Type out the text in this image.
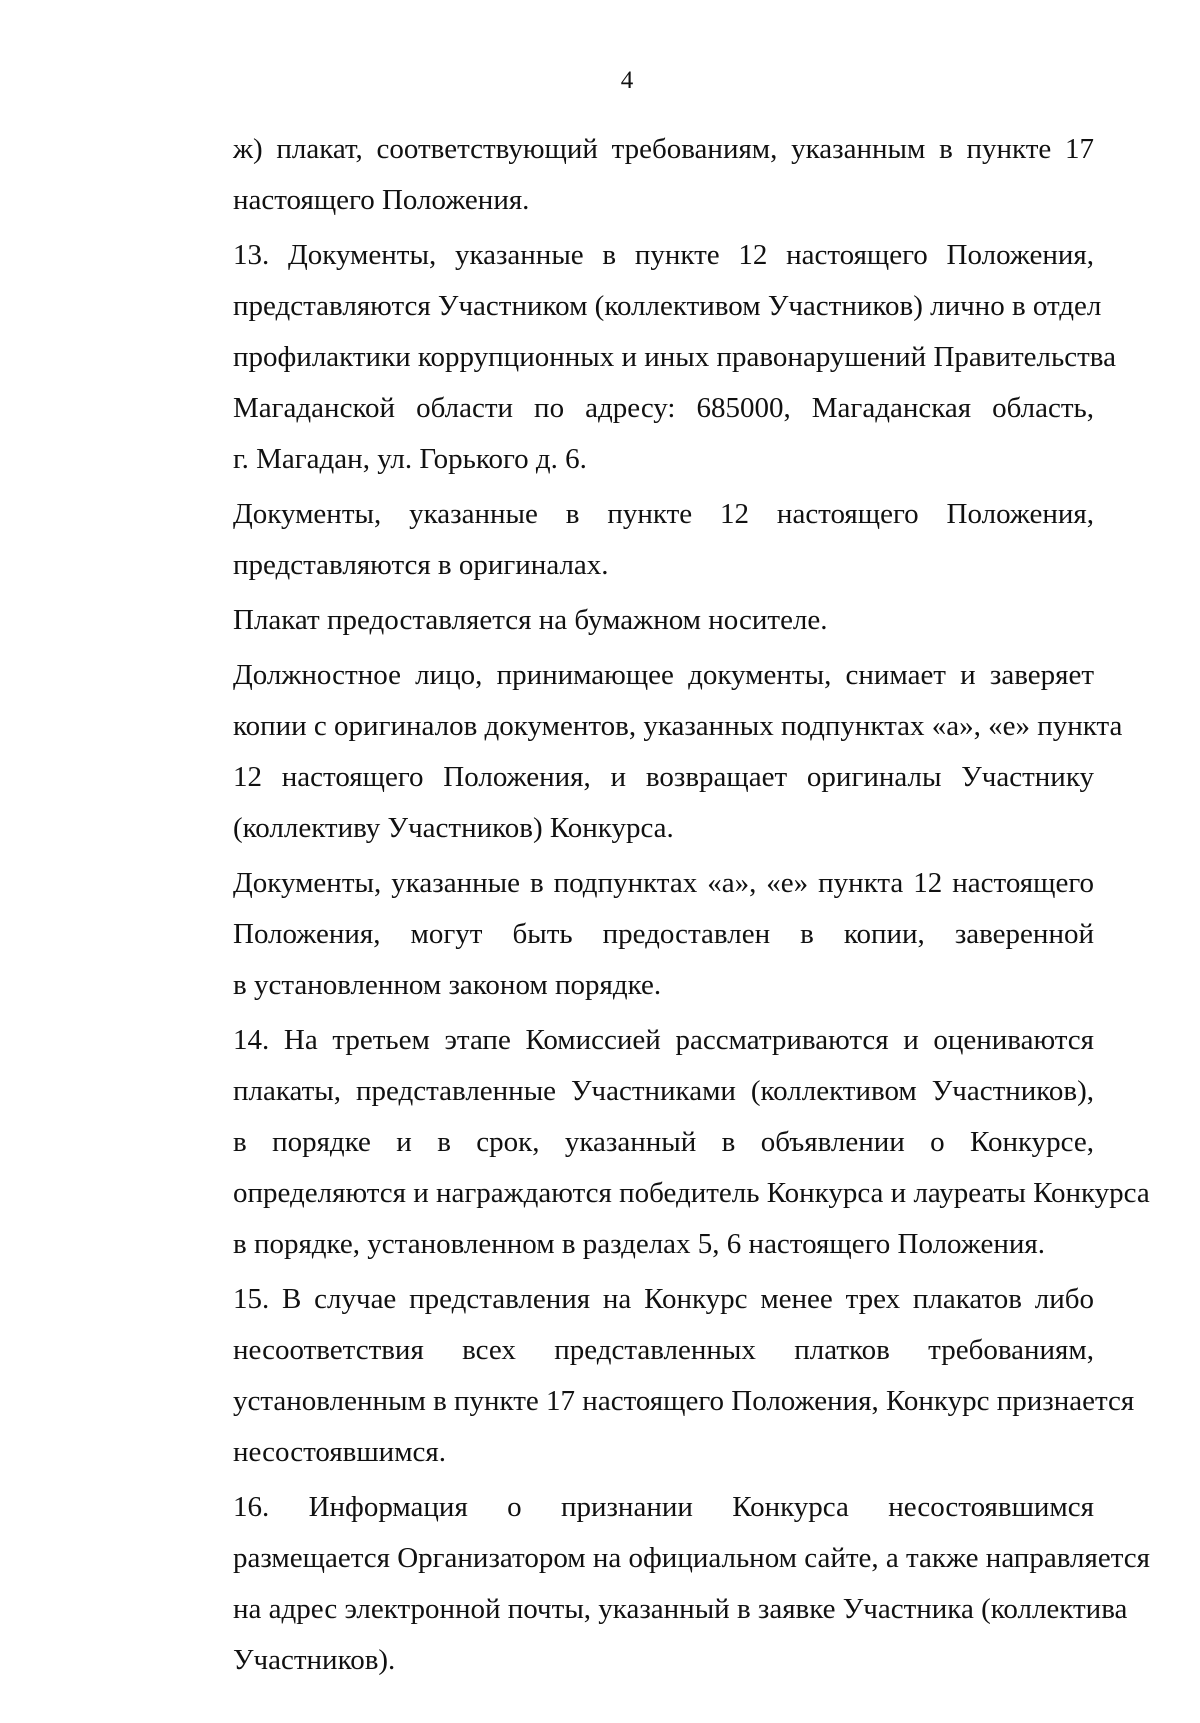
4

ж) плакат, соответствующий требованиям, указанным в пункте 17
настоящего Положения.

13. Документы, указанные в пункте 12 настоящего Положения,
представляются Участником (коллективом Участников) лично в отдел
профилактики коррупционных и иных правонарушений Правительства
Магаданской области по адресу: 685000, Магаданская область,
г. Магадан, ул. Горького д. 6.

Документы, указанные в пункте 12 настоящего Положения,
представляются в оригиналах.

Плакат предоставляется на бумажном носителе.

Должностное лицо, принимающее документы, снимает и заверяет
копии с оригиналов документов, указанных подпунктах «а», «е» пункта
12 настоящего Положения, и возвращает оригиналы Участнику
(коллективу Участников) Конкурса.

Документы, указанные в подпунктах «а», «е» пункта 12 настоящего
Положения, могут быть предоставлен в копии, заверенной
в установленном законом порядке.

14. На третьем этапе Комиссией рассматриваются и оцениваются
плакаты, представленные Участниками (коллективом Участников),
в порядке и в срок, указанный в объявлении о Конкурсе,
определяются и награждаются победитель Конкурса и лауреаты Конкурса
в порядке, установленном в разделах 5, 6 настоящего Положения.

15. В случае представления на Конкурс менее трех плакатов либо
несоответствия всех представленных платков требованиям,
установленным в пункте 17 настоящего Положения, Конкурс признается
несостоявшимся.

16. Информация о признании Конкурса несостоявшимся
размещается Организатором на официальном сайте, а также направляется
на адрес электронной почты, указанный в заявке Участника (коллектива
Участников).
